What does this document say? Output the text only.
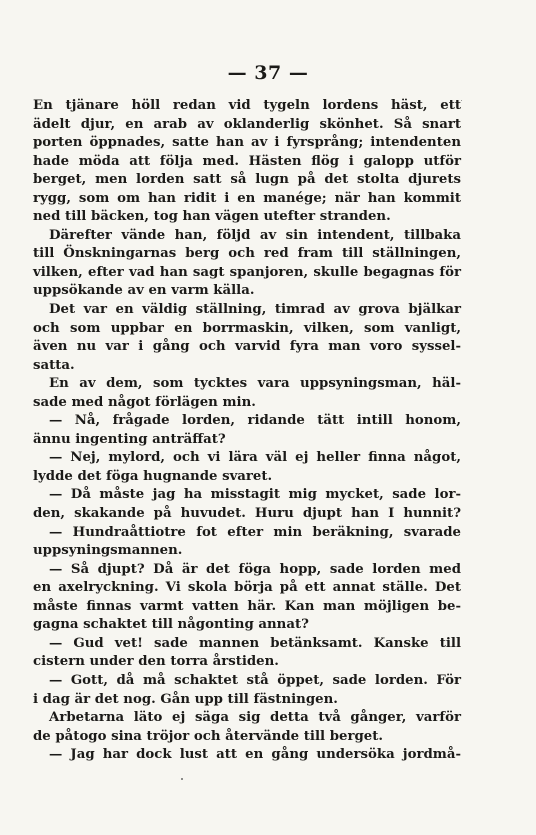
— 37 —
En tjänare höll redan vid tygeln lordens häst, ett
ädelt djur, en arab av oklanderlig skönhet. Så snart
porten öppnades, satte han av i fyrsprång; intendenten
hade möda att följa med. Hästen flög i galopp utför
berget, men lorden satt så lugn på det stolta djurets
rygg, som om han ridit i en manége; när han kommit
ned till bäcken, tog han vägen utefter stranden.
Därefter vände han, följd av sin intendent, tillbaka
till Önskningarnas berg och red fram till ställningen,
vilken, efter vad han sagt spanjoren, skulle begagnas för
uppsökande av en varm källa.
Det var en väldig ställning, timrad av grova bjälkar
och som uppbar en borrmaskin, vilken, som vanligt,
även nu var i gång och varvid fyra man voro syssel-
satta.
En av dem, som tycktes vara uppsyningsman, häl-
sade med något förlägen min.
— Nå, frågade lorden, ridande tätt intill honom,
ännu ingenting anträffat?
— Nej, mylord, och vi lära väl ej heller finna något,
lydde det föga hugnande svaret.
— Då måste jag ha misstagit mig mycket, sade lor-
den, skakande på huvudet. Huru djupt han I hunnit?
— Hundraåttiotre fot efter min beräkning, svarade
uppsyningsmannen.
— Så djupt? Då är det föga hopp, sade lorden med
en axelryckning. Vi skola börja på ett annat ställe. Det
måste finnas varmt vatten här. Kan man möjligen be-
gagna schaktet till någonting annat?
— Gud vet! sade mannen betänksamt. Kanske till
cistern under den torra årstiden.
— Gott, då må schaktet stå öppet, sade lorden. För
i dag är det nog. Gån upp till fästningen.
Arbetarna läto ej säga sig detta två gånger, varför
de påtogo sina tröjor och återvände till berget.
— Jag har dock lust att en gång undersöka jordmå-
